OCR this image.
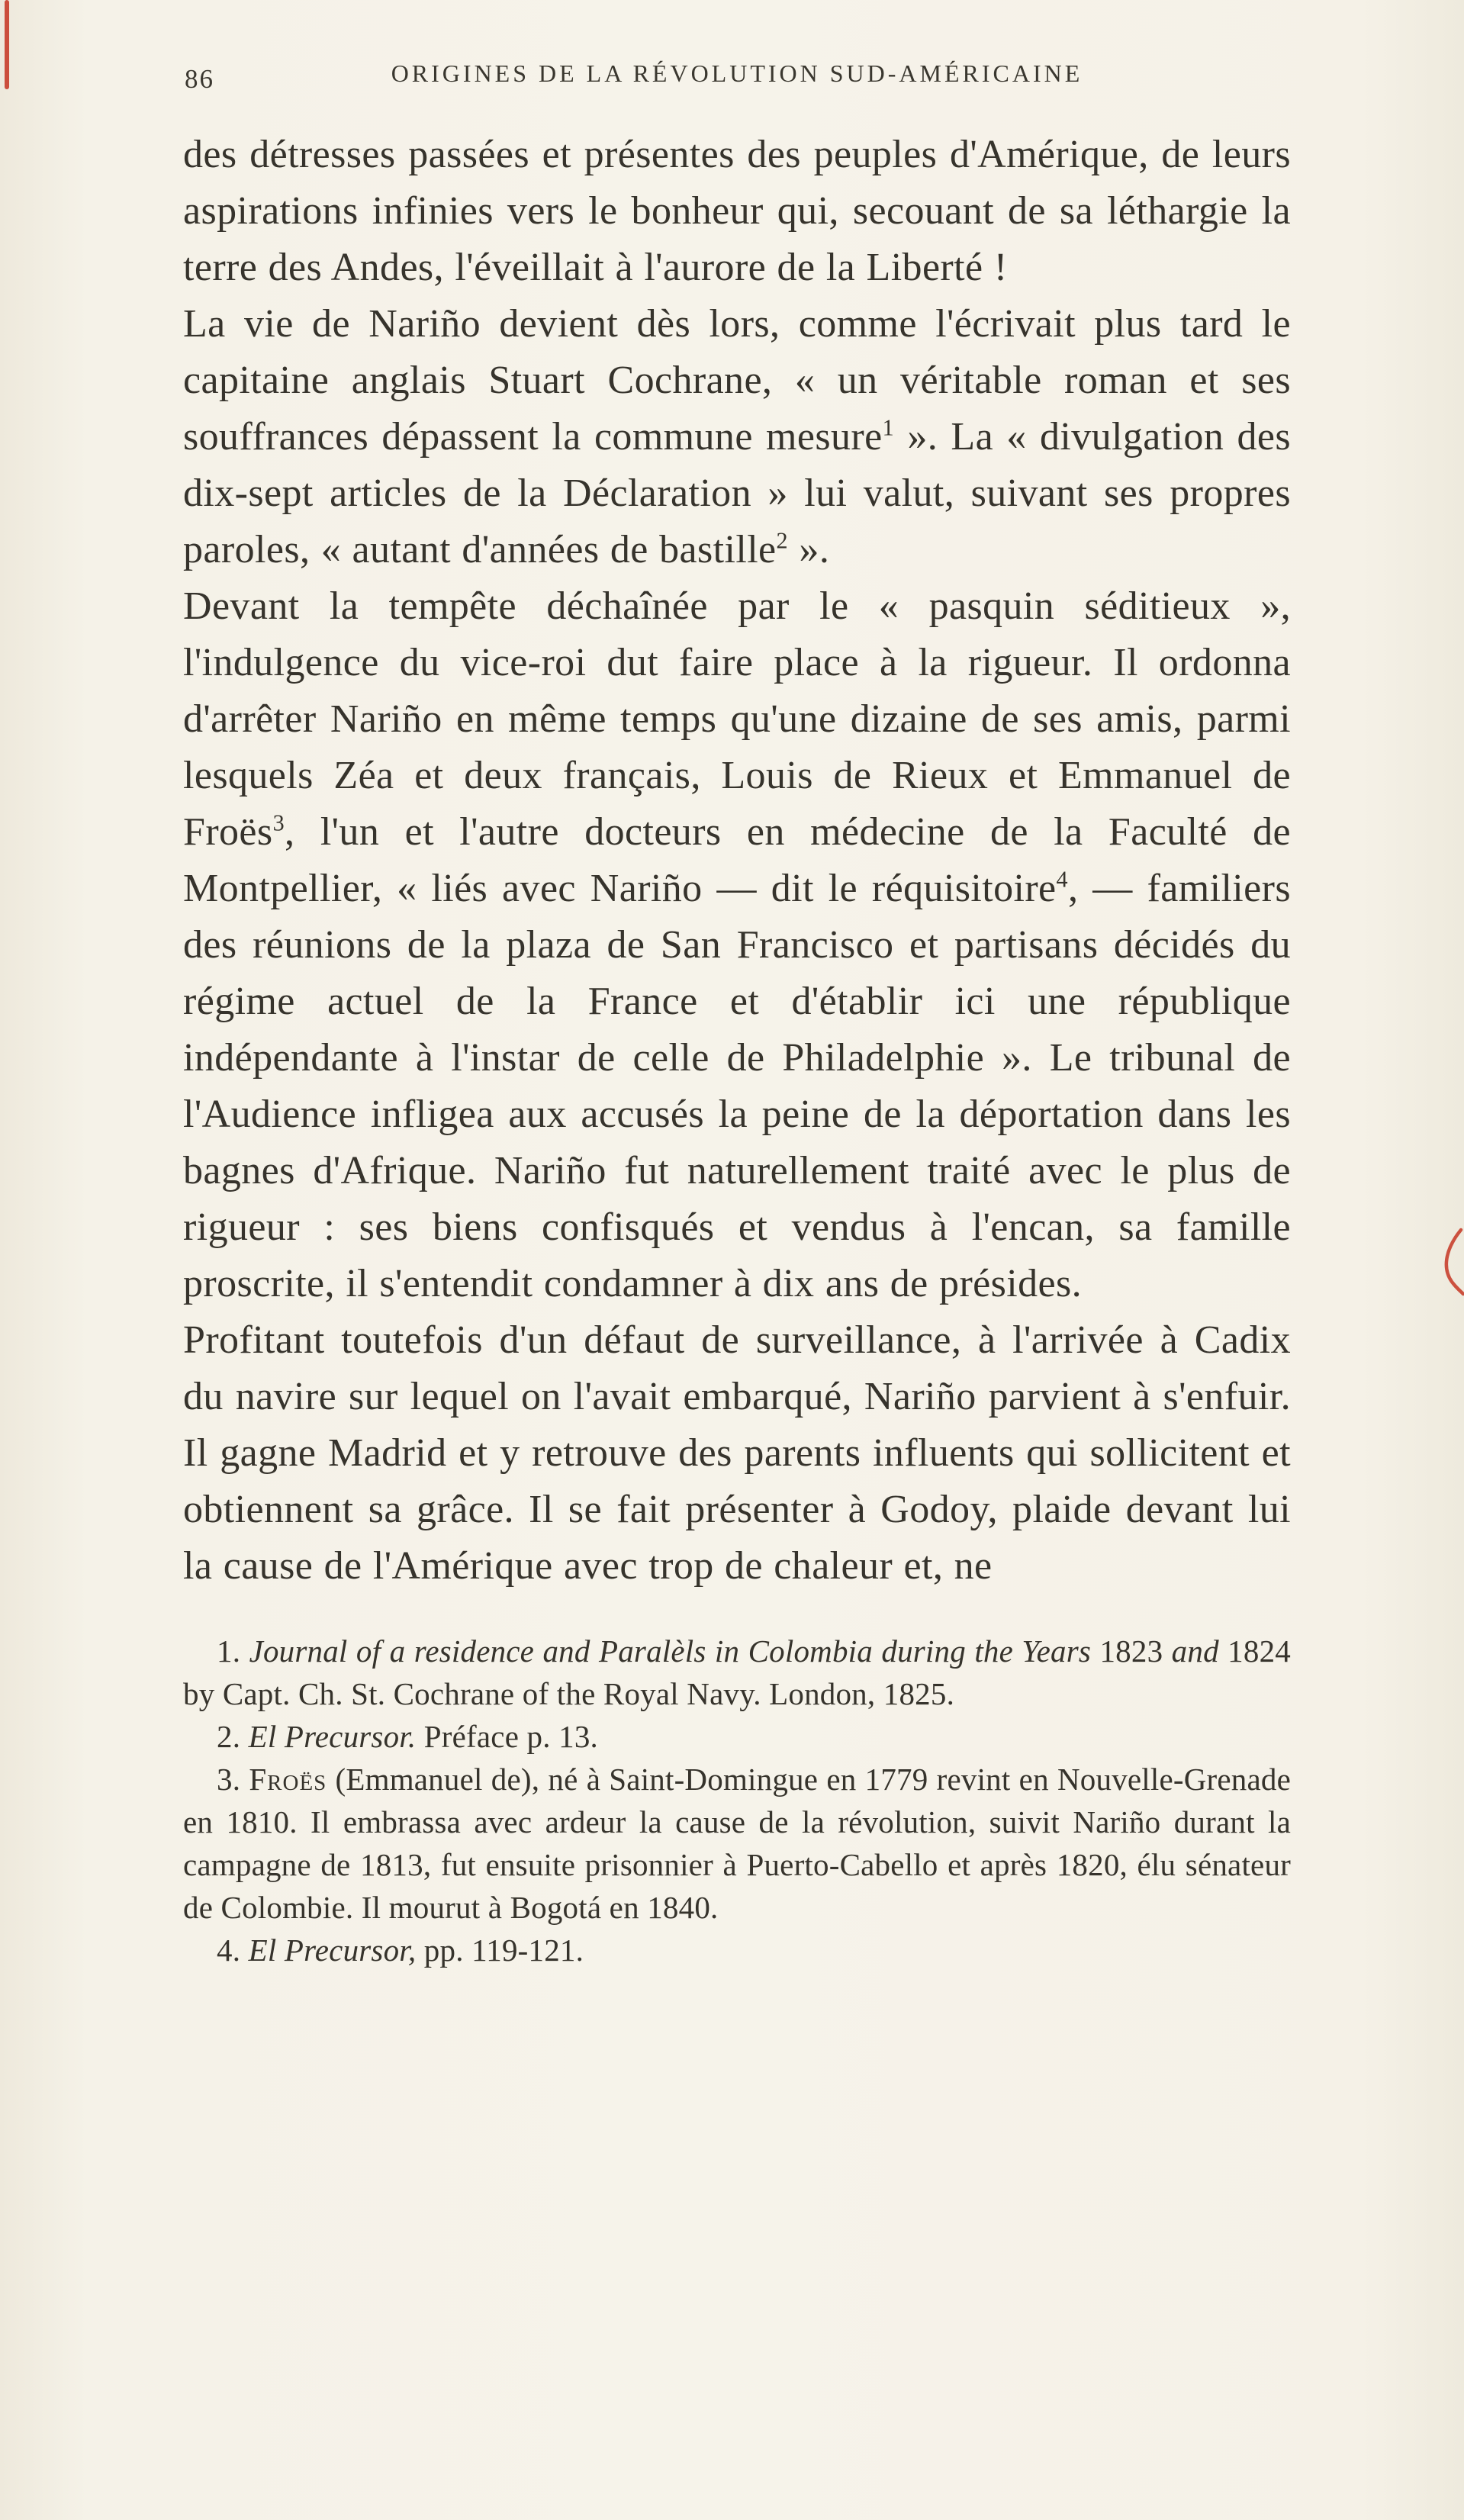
86	ORIGINES DE LA RÉVOLUTION SUD-AMÉRICAINE

des détresses passées et présentes des peuples d'Amérique, de leurs aspirations infinies vers le bonheur qui, secouant de sa léthargie la terre des Andes, l'éveillait à l'aurore de la Liberté !

La vie de Nariño devient dès lors, comme l'écrivait plus tard le capitaine anglais Stuart Cochrane, « un véritable roman et ses souffrances dépassent la commune mesure$^1$ ». La « divulgation des dix-sept articles de la Déclaration » lui valut, suivant ses propres paroles, « autant d'années de bastille$^2$ ».

Devant la tempête déchaînée par le « pasquin séditieux », l'indulgence du vice-roi dut faire place à la rigueur. Il ordonna d'arrêter Nariño en même temps qu'une dizaine de ses amis, parmi lesquels Zéa et deux français, Louis de Rieux et Emmanuel de Froës$^3$, l'un et l'autre docteurs en médecine de la Faculté de Montpellier, « liés avec Nariño — dit le réquisitoire$^4$, — familiers des réunions de la plaza de San Francisco et partisans décidés du régime actuel de la France et d'établir ici une république indépendante à l'instar de celle de Philadelphie ». Le tribunal de l'Audience infligea aux accusés la peine de la déportation dans les bagnes d'Afrique. Nariño fut naturellement traité avec le plus de rigueur : ses biens confisqués et vendus à l'encan, sa famille proscrite, il s'entendit condamner à dix ans de présides.

Profitant toutefois d'un défaut de surveillance, à l'arrivée à Cadix du navire sur lequel on l'avait embarqué, Nariño parvient à s'enfuir. Il gagne Madrid et y retrouve des parents influents qui sollicitent et obtiennent sa grâce. Il se fait présenter à Godoy, plaide devant lui la cause de l'Amérique avec trop de chaleur et, ne

1. Journal of a residence and Paralèls in Colombia during the Years 1823 and 1824 by Capt. Ch. St. Cochrane of the Royal Navy. London, 1825.

2. El Precursor. Préface p. 13.

3. Froës (Emmanuel de), né à Saint-Domingue en 1779 revint en Nouvelle-Grenade en 1810. Il embrassa avec ardeur la cause de la révolution, suivit Nariño durant la campagne de 1813, fut ensuite prisonnier à Puerto-Cabello et après 1820, élu sénateur de Colombie. Il mourut à Bogotá en 1840.

4. El Precursor, pp. 119-121.
